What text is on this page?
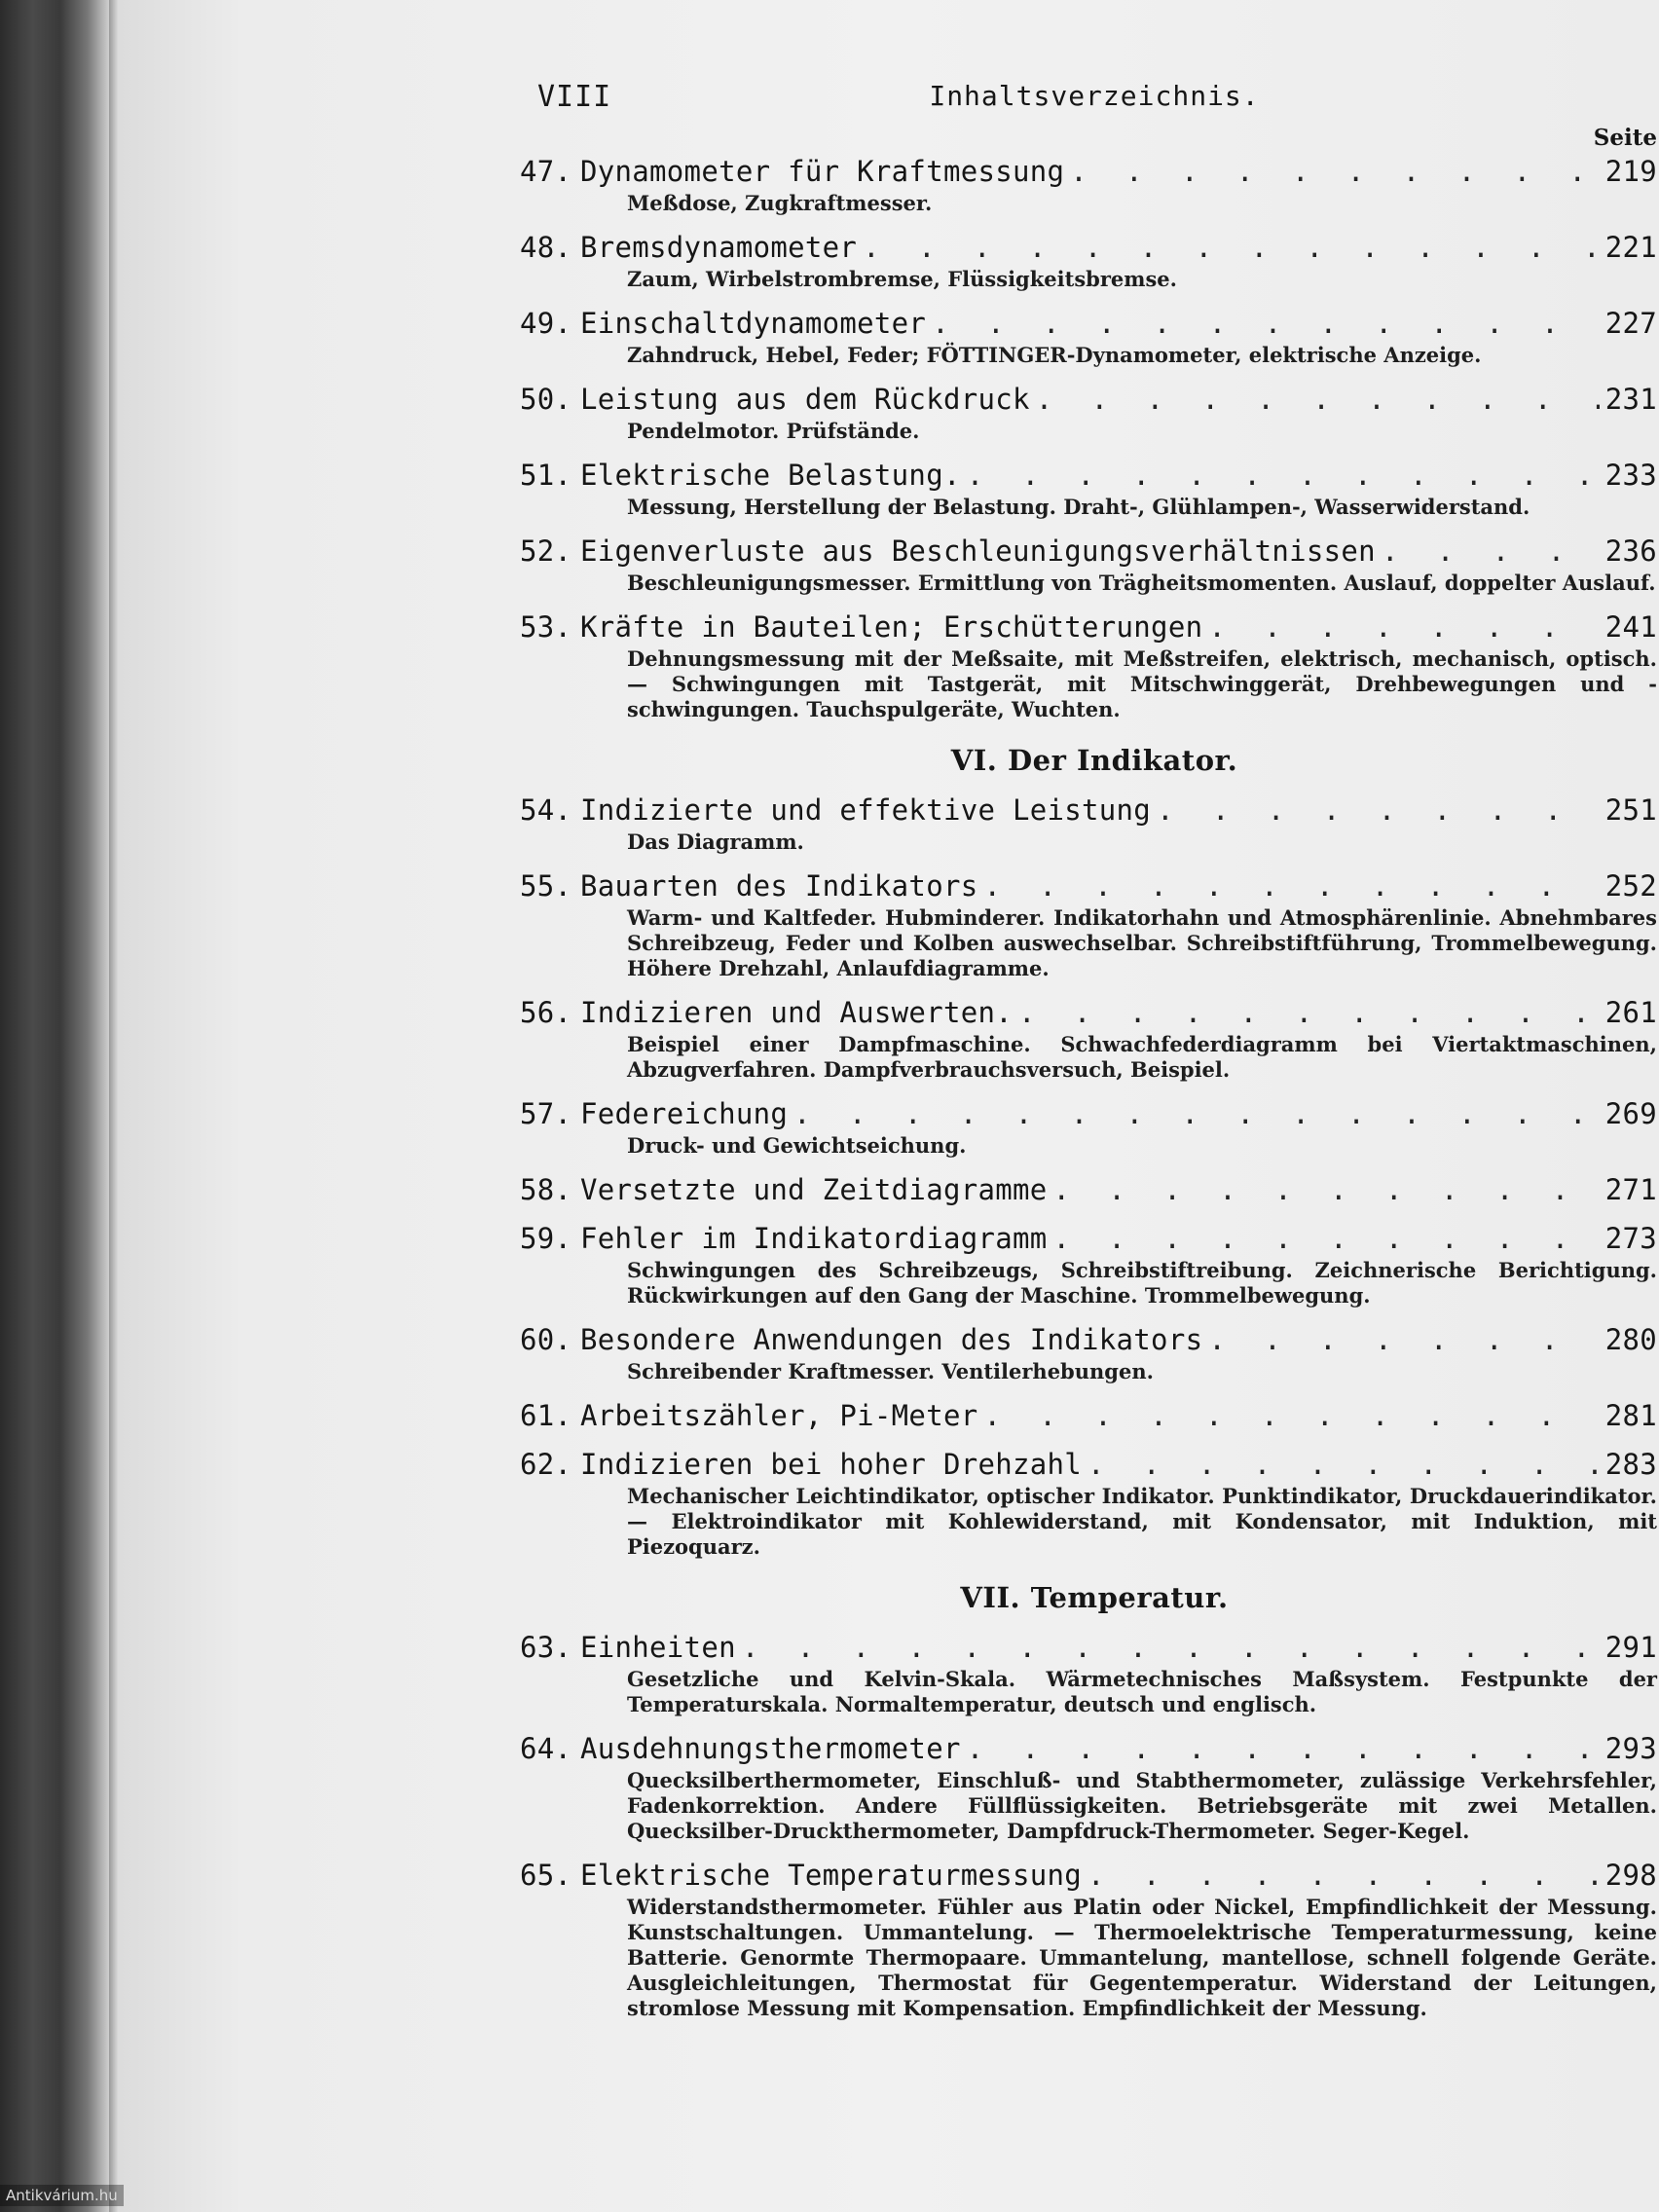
VIII	Inhaltsverzeichnis.
Seite
47. Dynamometer für Kraftmessung . . .	219
Meßdose, Zugkraftmesser.
48. Bremsdynamometer . . .	221
Zaum, Wirbelstrombremse, Flüssigkeitsbremse.
49. Einschaltdynamometer . . .	227
Zahndruck, Hebel, Feder; FÖTTINGER-Dynamometer, elektrische Anzeige.
50. Leistung aus dem Rückdruck . . .	231
Pendelmotor. Prüfstände.
51. Elektrische Belastung. . . .	233
Messung, Herstellung der Belastung. Draht-, Glühlampen-, Wasserwiderstand.
52. Eigenverluste aus Beschleunigungsverhältnissen . . .	236
Beschleunigungsmesser. Ermittlung von Trägheitsmomenten. Auslauf, doppelter Auslauf.
53. Kräfte in Bauteilen; Erschütterungen . . .	241
Dehnungsmessung mit der Meßsaite, mit Meßstreifen, elektrisch, mechanisch, optisch. — Schwingungen mit Tastgerät, mit Mitschwinggerät, Drehbewegungen und -schwingungen. Tauchspulgeräte, Wuchten.
VI. Der Indikator.
54. Indizierte und effektive Leistung . . .	251
Das Diagramm.
55. Bauarten des Indikators . . .	252
Warm- und Kaltfeder. Hubminderer. Indikatorhahn und Atmosphärenlinie. Abnehmbares Schreibzeug, Feder und Kolben auswechselbar. Schreibstiftführung, Trommelbewegung. Höhere Drehzahl, Anlaufdiagramme.
56. Indizieren und Auswerten. . . .	261
Beispiel einer Dampfmaschine. Schwachfederdiagramm bei Viertaktmaschinen, Abzugverfahren. Dampfverbrauchsversuch, Beispiel.
57. Federeichung . . .	269
Druck- und Gewichtseichung.
58. Versetzte und Zeitdiagramme . . .	271
59. Fehler im Indikatordiagramm . . .	273
Schwingungen des Schreibzeugs, Schreibstiftreibung. Zeichnerische Berichtigung. Rückwirkungen auf den Gang der Maschine. Trommelbewegung.
60. Besondere Anwendungen des Indikators . . .	280
Schreibender Kraftmesser. Ventilerhebungen.
61. Arbeitszähler, Pi-Meter . . .	281
62. Indizieren bei hoher Drehzahl . . .	283
Mechanischer Leichtindikator, optischer Indikator. Punktindikator, Druckdauerindikator. — Elektroindikator mit Kohlewiderstand, mit Kondensator, mit Induktion, mit Piezoquarz.
VII. Temperatur.
63. Einheiten . . .	291
Gesetzliche und Kelvin-Skala. Wärmetechnisches Maßsystem. Festpunkte der Temperaturskala. Normaltemperatur, deutsch und englisch.
64. Ausdehnungsthermometer . . .	293
Quecksilberthermometer, Einschluß- und Stabthermometer, zulässige Verkehrsfehler, Fadenkorrektion. Andere Füllflüssigkeiten. Betriebsgeräte mit zwei Metallen. Quecksilber-Druckthermometer, Dampfdruck-Thermometer. Seger-Kegel.
65. Elektrische Temperaturmessung . . .	298
Widerstandsthermometer. Fühler aus Platin oder Nickel, Empfindlichkeit der Messung. Kunstschaltungen. Ummantelung. — Thermoelektrische Temperaturmessung, keine Batterie. Genormte Thermopaare. Ummantelung, mantellose, schnell folgende Geräte. Ausgleichleitungen, Thermostat für Gegentemperatur. Widerstand der Leitungen, stromlose Messung mit Kompensation. Empfindlichkeit der Messung.
Antikvárium.hu
